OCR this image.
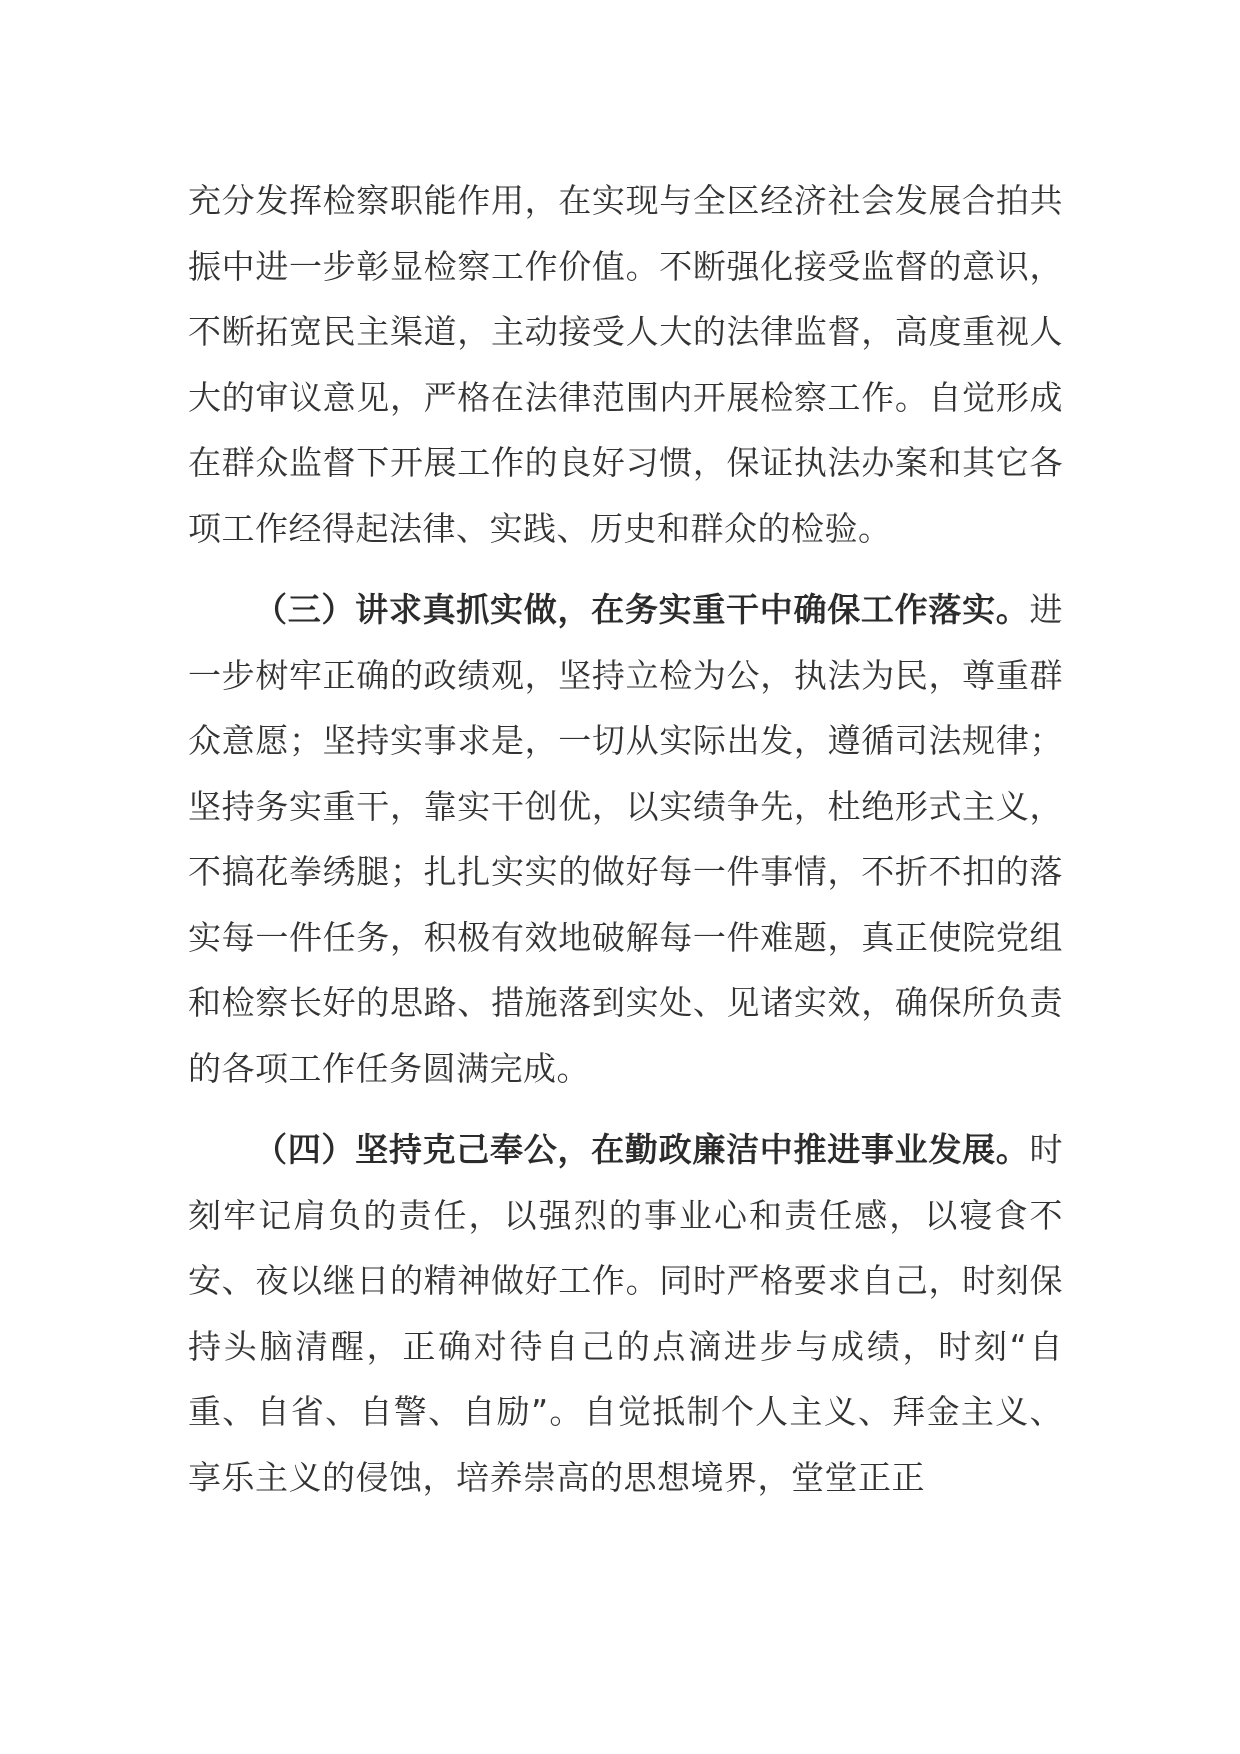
充分发挥检察职能作用，在实现与全区经济社会发展合拍共振中进一步彰显检察工作价值。不断强化接受监督的意识，不断拓宽民主渠道，主动接受人大的法律监督，高度重视人大的审议意见，严格在法律范围内开展检察工作。自觉形成在群众监督下开展工作的良好习惯，保证执法办案和其它各项工作经得起法律、实践、历史和群众的检验。

（三）讲求真抓实做，在务实重干中确保工作落实。进一步树牢正确的政绩观，坚持立检为公，执法为民，尊重群众意愿；坚持实事求是，一切从实际出发，遵循司法规律；坚持务实重干，靠实干创优，以实绩争先，杜绝形式主义，不搞花拳绣腿；扎扎实实的做好每一件事情，不折不扣的落实每一件任务，积极有效地破解每一件难题，真正使院党组和检察长好的思路、措施落到实处、见诸实效，确保所负责的各项工作任务圆满完成。

（四）坚持克己奉公，在勤政廉洁中推进事业发展。时刻牢记肩负的责任，以强烈的事业心和责任感，以寝食不安、夜以继日的精神做好工作。同时严格要求自己，时刻保持头脑清醒，正确对待自己的点滴进步与成绩，时刻“自重、自省、自警、自励”。自觉抵制个人主义、拜金主义、享乐主义的侵蚀，培养崇高的思想境界，堂堂正正
